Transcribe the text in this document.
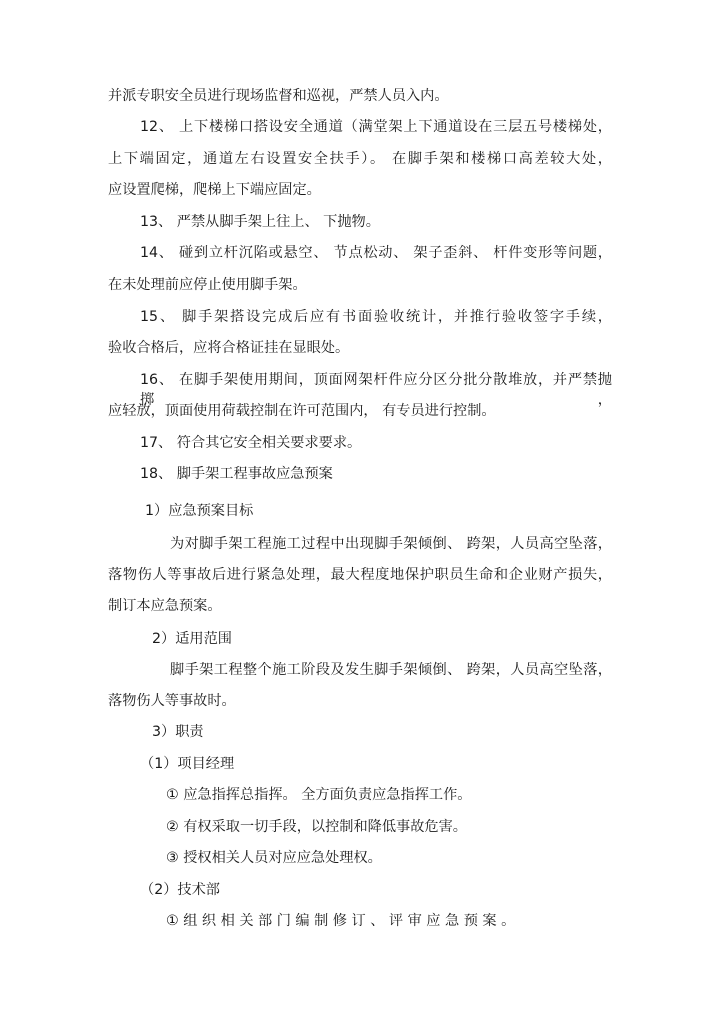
并派专职安全员进行现场监督和巡视，严禁人员入内。
12、 上下楼梯口搭设安全通道（满堂架上下通道设在三层五号楼梯处，
上下端固定，通道左右设置安全扶手）。 在脚手架和楼梯口高差较大处，
应设置爬梯，爬梯上下端应固定。
13、 严禁从脚手架上往上、 下抛物。
14、 碰到立杆沉陷或悬空、 节点松动、 架子歪斜、 杆件变形等问题，
在未处理前应停止使用脚手架。
15、 脚手架搭设完成后应有书面验收统计，并推行验收签字手续，
验收合格后，应将合格证挂在显眼处。
16、 在脚手架使用期间，顶面网架杆件应分区分批分散堆放，并严禁抛掷，
应轻放，顶面使用荷载控制在许可范围内， 有专员进行控制。
17、 符合其它安全相关要求要求。
18、 脚手架工程事故应急预案
1）应急预案目标
为对脚手架工程施工过程中出现脚手架倾倒、 跨架，人员高空坠落，
落物伤人等事故后进行紧急处理，最大程度地保护职员生命和企业财产损失，
制订本应急预案。
2）适用范围
脚手架工程整个施工阶段及发生脚手架倾倒、 跨架，人员高空坠落，
落物伤人等事故时。
3）职责
（1）项目经理
① 应急指挥总指挥。 全方面负责应急指挥工作。
② 有权采取一切手段，以控制和降低事故危害。
③ 授权相关人员对应应急处理权。
（2）技术部
① 组 织 相 关 部 门 编 制 修 订 、 评 审 应 急 预 案 。
